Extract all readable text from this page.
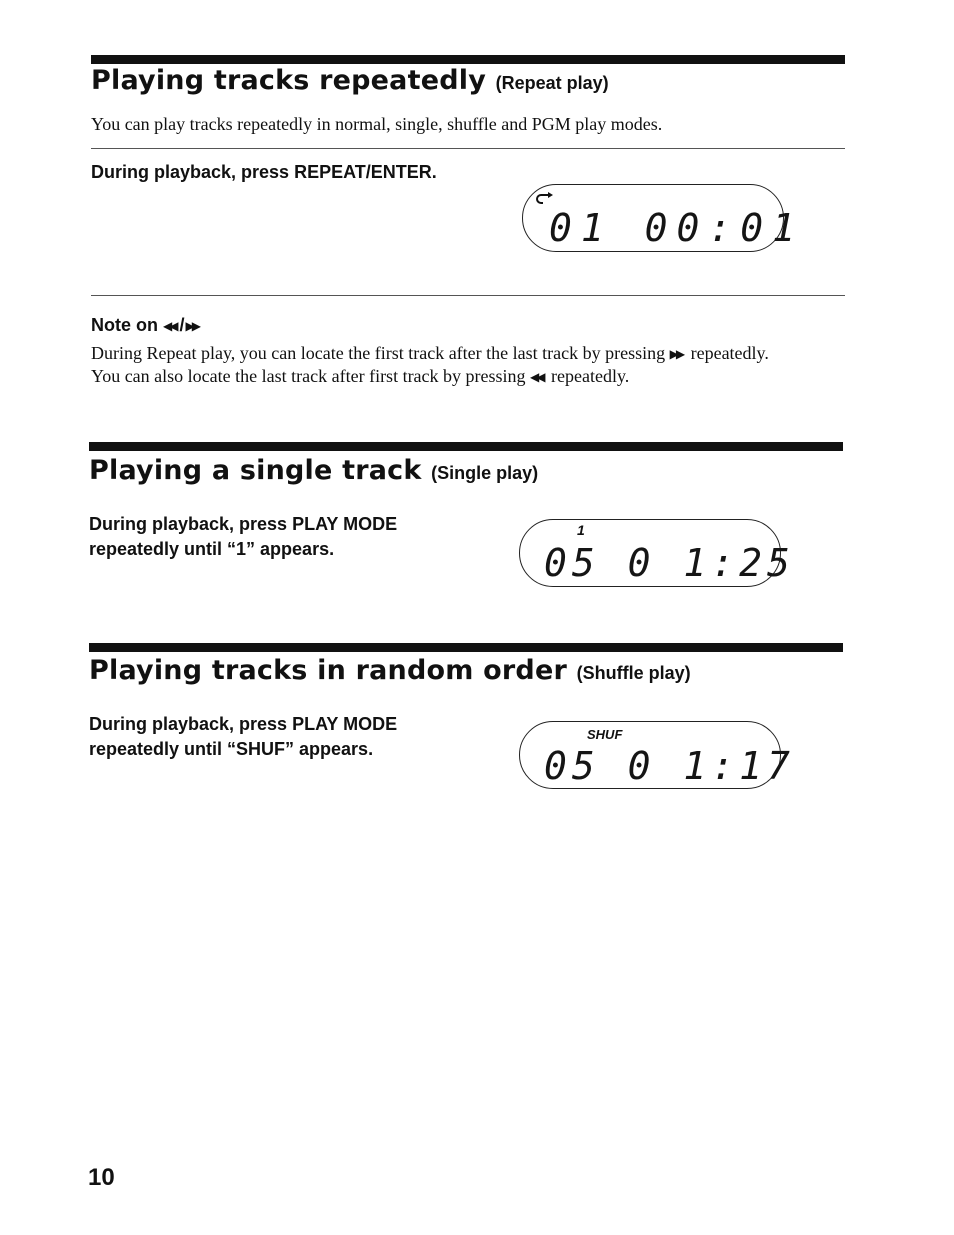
Playing tracks repeatedly (Repeat play)
You can play tracks repeatedly in normal, single, shuffle and PGM play modes.
During playback, press REPEAT/ENTER.
01 00:01
Note on ◀◀ /▶▶
During Repeat play, you can locate the first track after the last track by pressing ▶▶ repeatedly.
You can also locate the last track after first track by pressing ◀◀ repeatedly.
Playing a single track (Single play)
During playback, press PLAY MODE
repeatedly until “1” appears.
1
05 0 1:25
Playing tracks in random order (Shuffle play)
During playback, press PLAY MODE
repeatedly until “SHUF” appears.
SHUF
05 0 1:17
10
